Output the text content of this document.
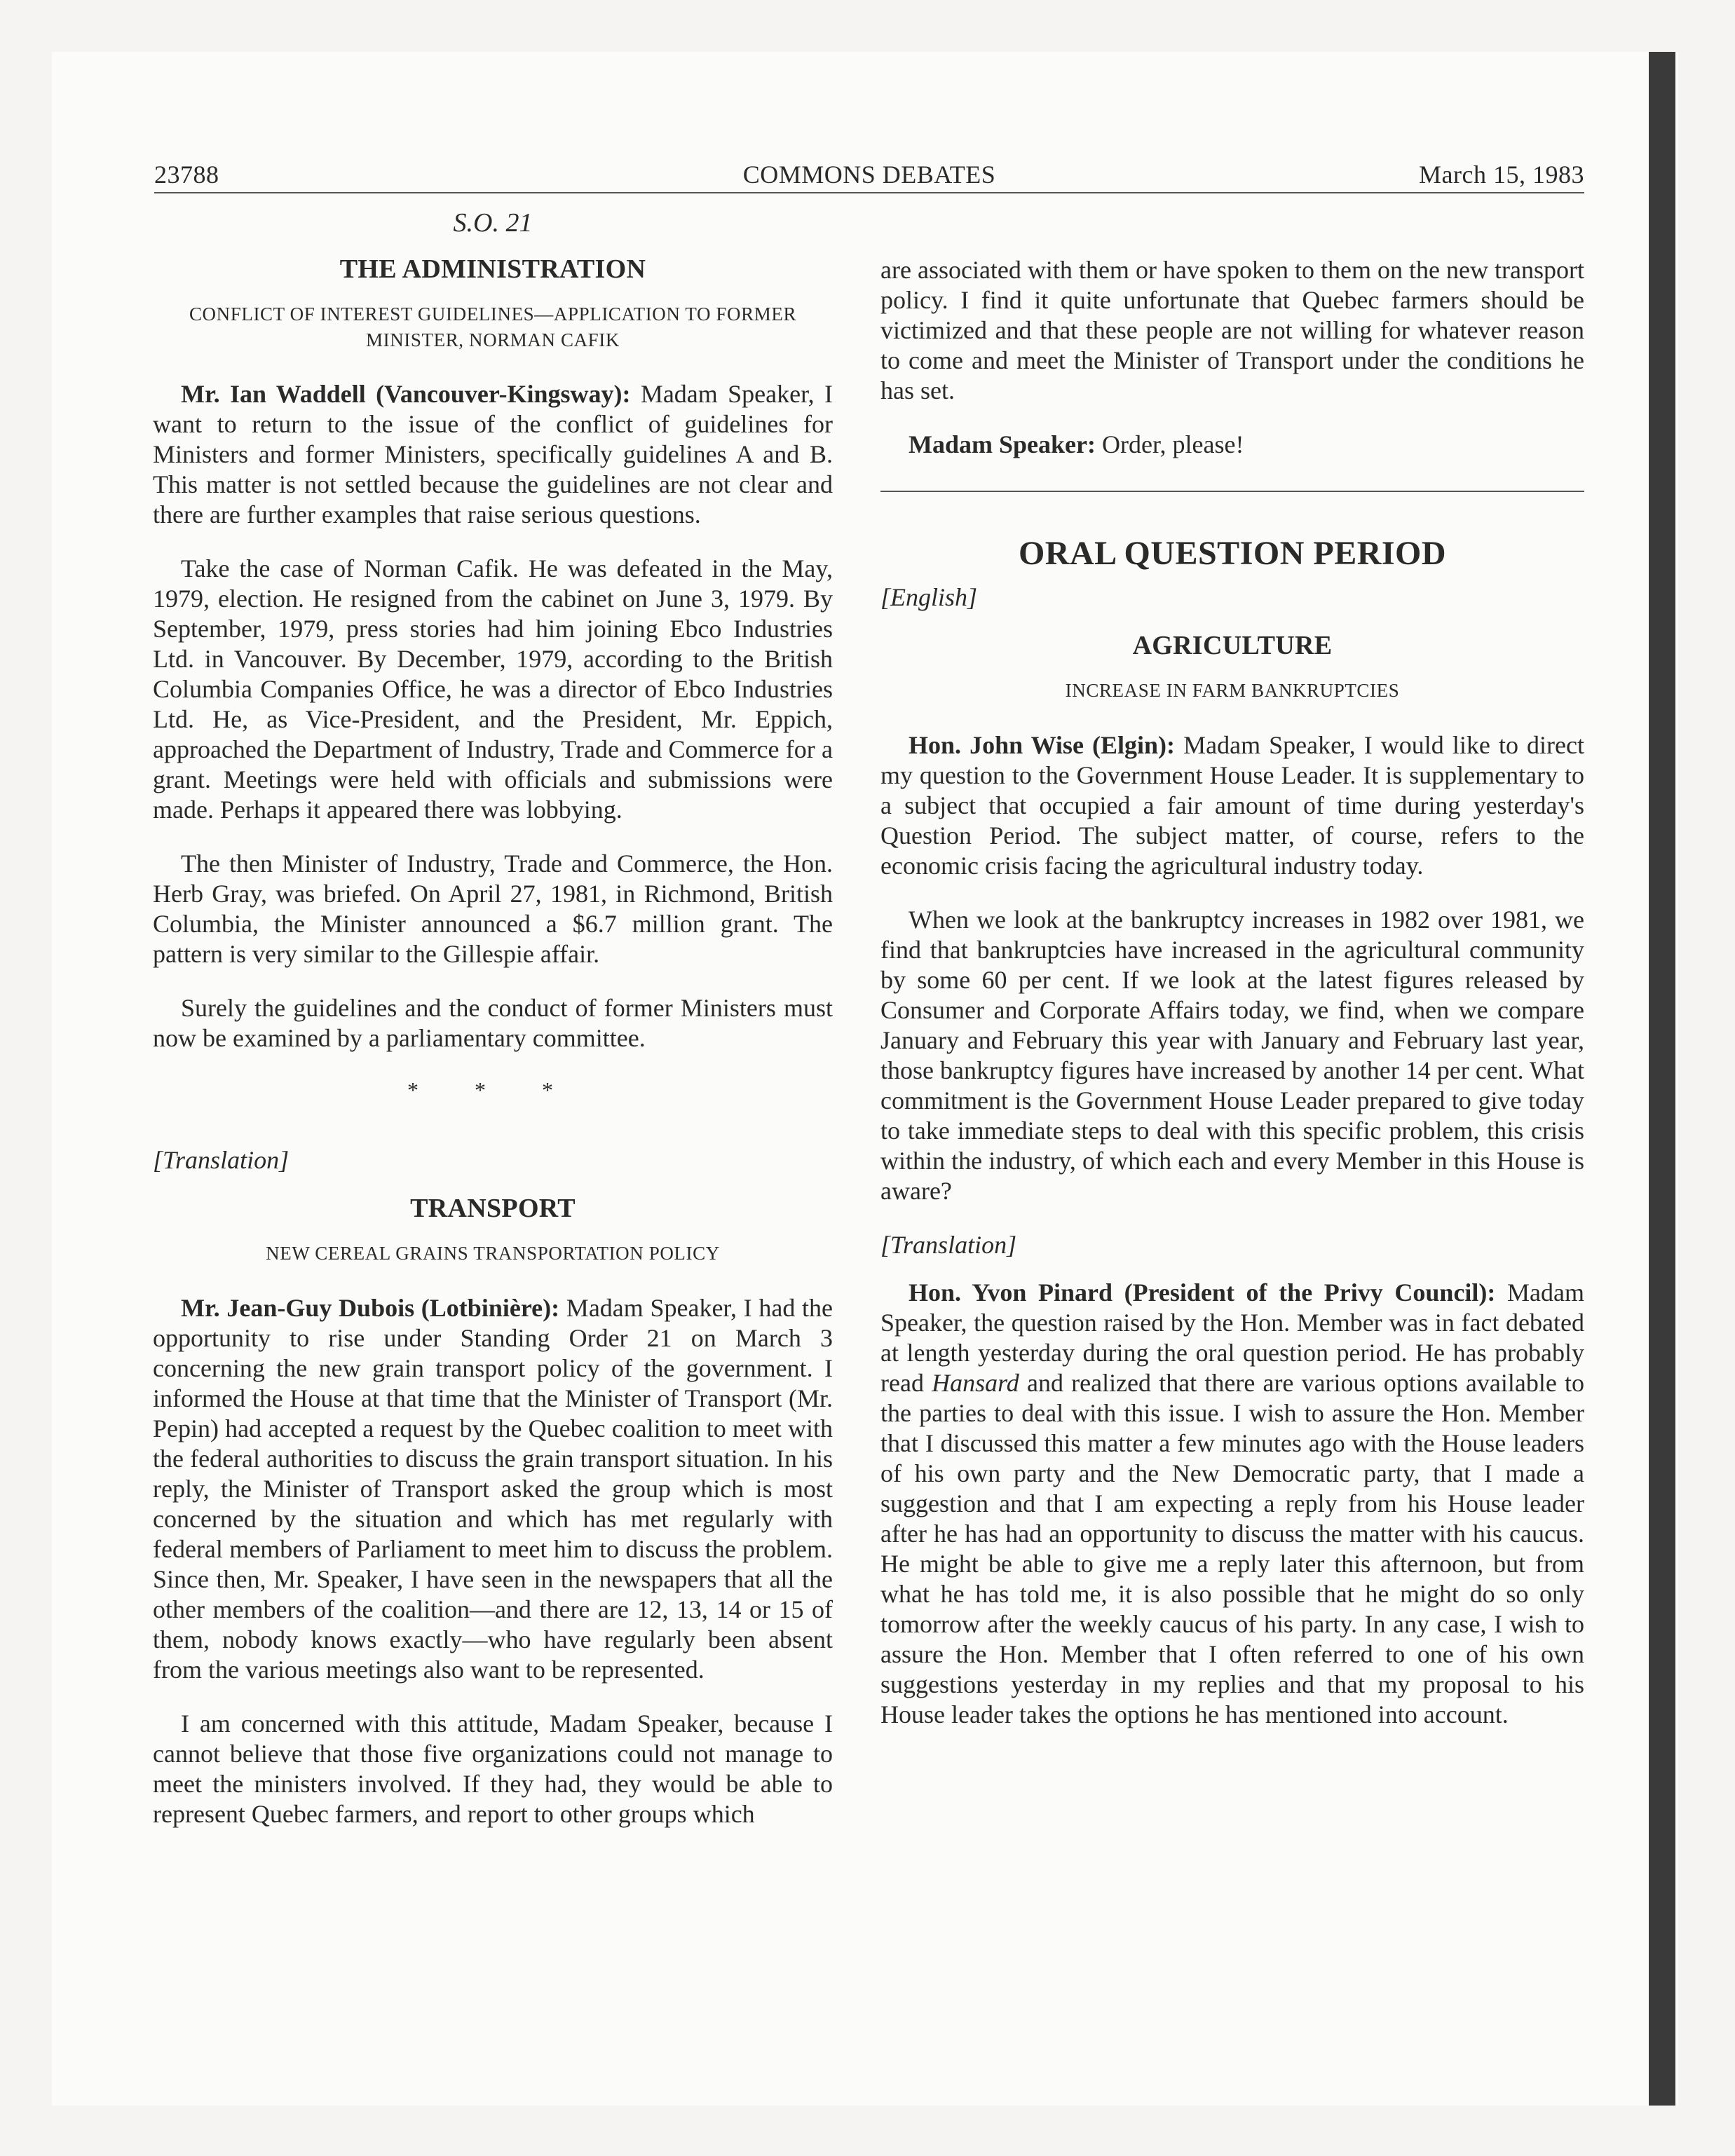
23788	COMMONS DEBATES	March 15, 1983
S.O. 21
THE ADMINISTRATION
CONFLICT OF INTEREST GUIDELINES—APPLICATION TO FORMER MINISTER, NORMAN CAFIK

Mr. Ian Waddell (Vancouver-Kingsway): Madam Speaker, I want to return to the issue of the conflict of guidelines for Ministers and former Ministers, specifically guidelines A and B. This matter is not settled because the guidelines are not clear and there are further examples that raise serious questions.

Take the case of Norman Cafik. He was defeated in the May, 1979, election. He resigned from the cabinet on June 3, 1979. By September, 1979, press stories had him joining Ebco Industries Ltd. in Vancouver. By December, 1979, according to the British Columbia Companies Office, he was a director of Ebco Industries Ltd. He, as Vice-President, and the President, Mr. Eppich, approached the Department of Industry, Trade and Commerce for a grant. Meetings were held with officials and submissions were made. Perhaps it appeared there was lobbying.

The then Minister of Industry, Trade and Commerce, the Hon. Herb Gray, was briefed. On April 27, 1981, in Richmond, British Columbia, the Minister announced a $6.7 million grant. The pattern is very similar to the Gillespie affair.

Surely the guidelines and the conduct of former Ministers must now be examined by a parliamentary committee.

* * *
[Translation]
TRANSPORT
NEW CEREAL GRAINS TRANSPORTATION POLICY

Mr. Jean-Guy Dubois (Lotbinière): Madam Speaker, I had the opportunity to rise under Standing Order 21 on March 3 concerning the new grain transport policy of the government. I informed the House at that time that the Minister of Transport (Mr. Pepin) had accepted a request by the Quebec coalition to meet with the federal authorities to discuss the grain transport situation. In his reply, the Minister of Transport asked the group which is most concerned by the situation and which has met regularly with federal members of Parliament to meet him to discuss the problem. Since then, Mr. Speaker, I have seen in the newspapers that all the other members of the coalition—and there are 12, 13, 14 or 15 of them, nobody knows exactly—who have regularly been absent from the various meetings also want to be represented.

I am concerned with this attitude, Madam Speaker, because I cannot believe that those five organizations could not manage to meet the ministers involved. If they had, they would be able to represent Quebec farmers, and report to other groups which

are associated with them or have spoken to them on the new transport policy. I find it quite unfortunate that Quebec farmers should be victimized and that these people are not willing for whatever reason to come and meet the Minister of Transport under the conditions he has set.

Madam Speaker: Order, please!

ORAL QUESTION PERIOD
[English]
AGRICULTURE
INCREASE IN FARM BANKRUPTCIES

Hon. John Wise (Elgin): Madam Speaker, I would like to direct my question to the Government House Leader. It is supplementary to a subject that occupied a fair amount of time during yesterday's Question Period. The subject matter, of course, refers to the economic crisis facing the agricultural industry today.

When we look at the bankruptcy increases in 1982 over 1981, we find that bankruptcies have increased in the agricultural community by some 60 per cent. If we look at the latest figures released by Consumer and Corporate Affairs today, we find, when we compare January and February this year with January and February last year, those bankruptcy figures have increased by another 14 per cent. What commitment is the Government House Leader prepared to give today to take immediate steps to deal with this specific problem, this crisis within the industry, of which each and every Member in this House is aware?

[Translation]

Hon. Yvon Pinard (President of the Privy Council): Madam Speaker, the question raised by the Hon. Member was in fact debated at length yesterday during the oral question period. He has probably read Hansard and realized that there are various options available to the parties to deal with this issue. I wish to assure the Hon. Member that I discussed this matter a few minutes ago with the House leaders of his own party and the New Democratic party, that I made a suggestion and that I am expecting a reply from his House leader after he has had an opportunity to discuss the matter with his caucus. He might be able to give me a reply later this afternoon, but from what he has told me, it is also possible that he might do so only tomorrow after the weekly caucus of his party. In any case, I wish to assure the Hon. Member that I often referred to one of his own suggestions yesterday in my replies and that my proposal to his House leader takes the options he has mentioned into account.
